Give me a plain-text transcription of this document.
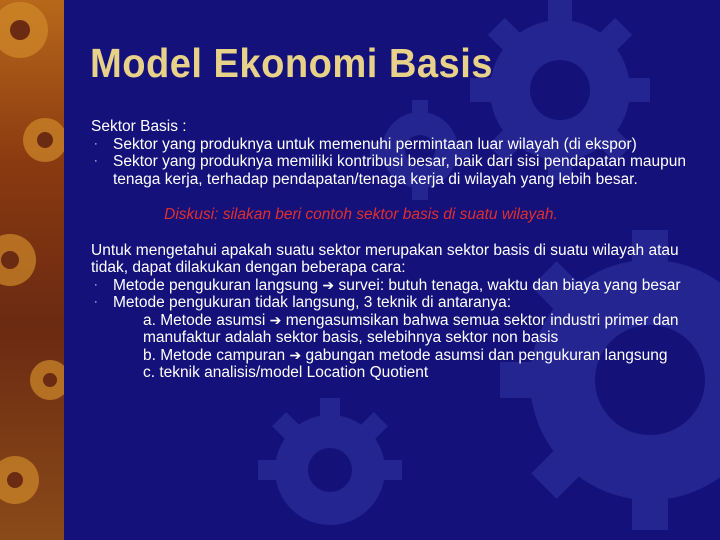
Model Ekonomi Basis

Sektor Basis :

· Sektor yang produknya untuk memenuhi permintaan luar wilayah (di ekspor)

· Sektor yang produknya memiliki kontribusi besar, baik dari sisi pendapatan maupun tenaga kerja, terhadap pendapatan/tenaga kerja di wilayah yang lebih besar.

Diskusi: silakan beri contoh sektor basis di suatu wilayah.

Untuk mengetahui apakah suatu sektor merupakan sektor basis di suatu wilayah atau tidak, dapat dilakukan dengan beberapa cara:

· Metode pengukuran langsung ➔ survei: butuh tenaga, waktu dan biaya yang besar

· Metode pengukuran tidak langsung, 3 teknik di antaranya:

a. Metode asumsi ➔ mengasumsikan bahwa semua sektor industri primer dan manufaktur adalah sektor basis, selebihnya sektor non basis

b. Metode campuran ➔ gabungan metode asumsi dan pengukuran langsung

c. teknik analisis/model Location Quotient
